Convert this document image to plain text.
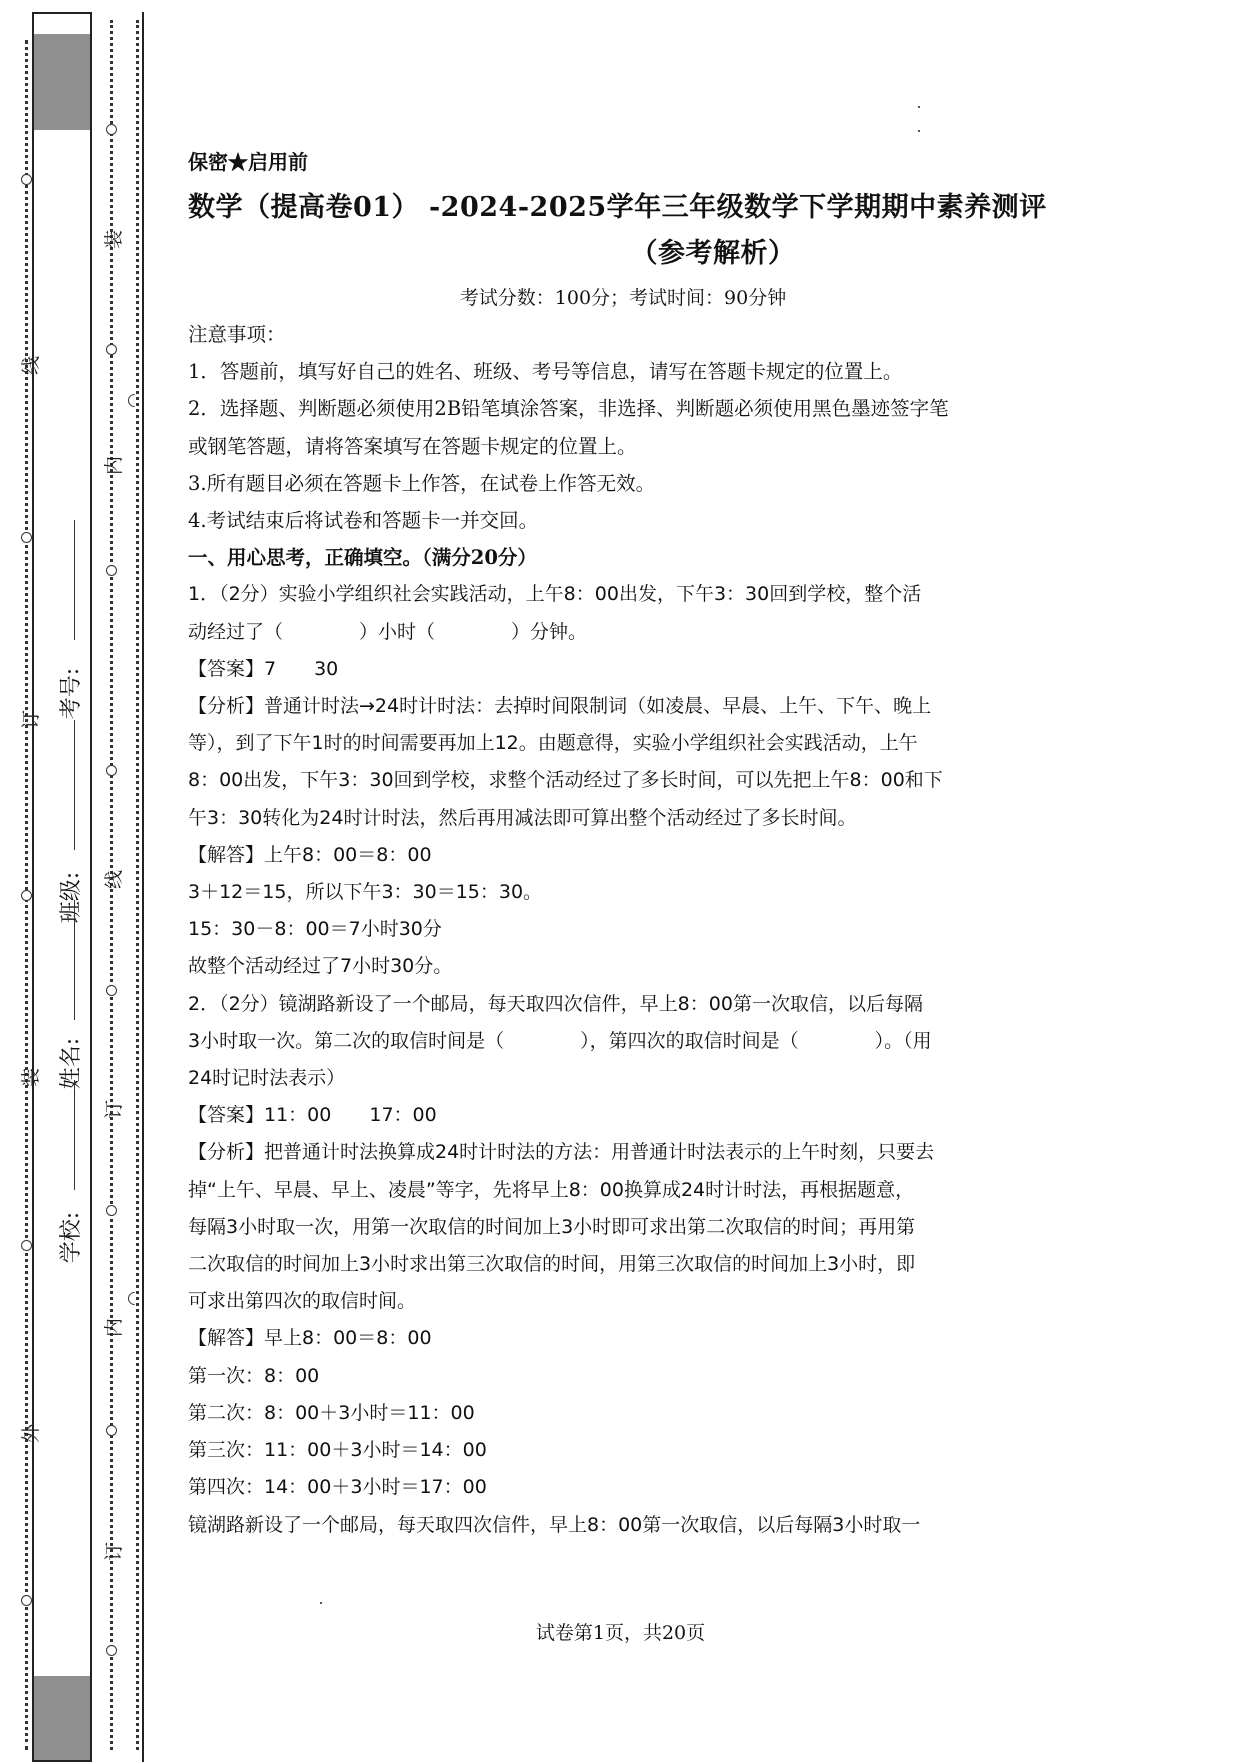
线
订
装
外
装
内
线
订
内
订
考号:
班级:
姓名:
学校:

保密★启用前

数学（提高卷01） -2024-2025学年三年级数学下学期期中素养测评

（参考解析）

考试分数：100分；考试时间：90分钟

注意事项：

1．答题前，填写好自己的姓名、班级、考号等信息，请写在答题卡规定的位置上。

2．选择题、判断题必须使用2B铅笔填涂答案，非选择、判断题必须使用黑色墨迹签字笔

或钢笔答题，请将答案填写在答题卡规定的位置上。

3.所有题目必须在答题卡上作答，在试卷上作答无效。

4.考试结束后将试卷和答题卡一并交回。

一、用心思考，正确填空。（满分20分）

1．（2分）实验小学组织社会实践活动，上午8：00出发，下午3：30回到学校，整个活

动经过了（　　　　）小时（　　　　）分钟。

【答案】7　　30

【分析】普通计时法→24时计时法：去掉时间限制词（如凌晨、早晨、上午、下午、晚上

等），到了下午1时的时间需要再加上12。由题意得，实验小学组织社会实践活动，上午

8：00出发，下午3：30回到学校，求整个活动经过了多长时间，可以先把上午8：00和下

午3：30转化为24时计时法，然后再用减法即可算出整个活动经过了多长时间。

【解答】上午8：00＝8：00

3＋12＝15，所以下午3：30＝15：30。

15：30－8：00＝7小时30分

故整个活动经过了7小时30分。

2．（2分）镜湖路新设了一个邮局，每天取四次信件，早上8：00第一次取信，以后每隔

3小时取一次。第二次的取信时间是（　　　　），第四次的取信时间是（　　　　）。（用

24时记时法表示）

【答案】11：00　　17：00

【分析】把普通计时法换算成24时计时法的方法：用普通计时法表示的上午时刻，只要去

掉“上午、早晨、早上、凌晨”等字，先将早上8：00换算成24时计时法，再根据题意，

每隔3小时取一次，用第一次取信的时间加上3小时即可求出第二次取信的时间；再用第

二次取信的时间加上3小时求出第三次取信的时间，用第三次取信的时间加上3小时，即

可求出第四次的取信时间。

【解答】早上8：00＝8：00

第一次：8：00

第二次：8：00＋3小时＝11：00

第三次：11：00＋3小时＝14：00

第四次：14：00＋3小时＝17：00

镜湖路新设了一个邮局，每天取四次信件，早上8：00第一次取信，以后每隔3小时取一

试卷第1页，共20页
